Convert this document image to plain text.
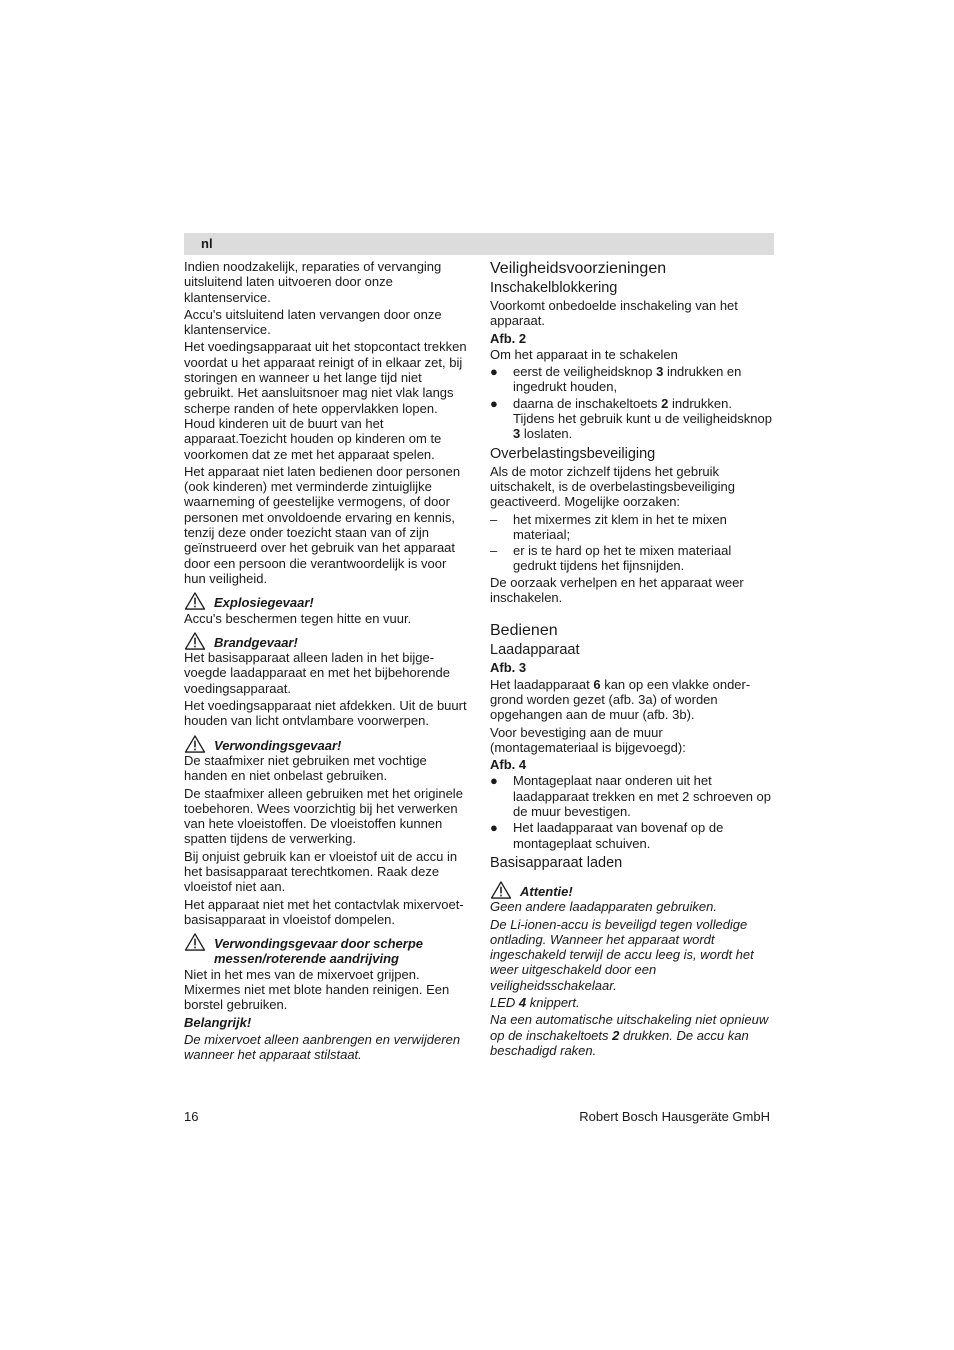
nl

Indien noodzakelijk, reparaties of vervanging uitsluitend laten uitvoeren door onze klantenservice.

Accu's uitsluitend laten vervangen door onze klantenservice.

Het voedingsapparaat uit het stopcontact trekken voordat u het apparaat reinigt of in elkaar zet, bij storingen en wanneer u het lange tijd niet gebruikt. Het aansluitsnoer mag niet vlak langs scherpe randen of hete oppervlakken lopen. Houd kinderen uit de buurt van het apparaat.Toezicht houden op kinderen om te voorkomen dat ze met het apparaat spelen.

Het apparaat niet laten bedienen door personen (ook kinderen) met verminderde zintuiglijke waarneming of geestelijke vermogens, of door personen met onvoldoende ervaring en kennis, tenzij deze onder toezicht staan van of zijn geïnstrueerd over het gebruik van het apparaat door een persoon die verantwoordelijk is voor hun veiligheid.

Explosiegevaar!

Accu's beschermen tegen hitte en vuur.

Brandgevaar!

Het basisapparaat alleen laden in het bijge-voegde laadapparaat en met het bijbehorende voedingsapparaat.

Het voedingsapparaat niet afdekken. Uit de buurt houden van licht ontvlambare voorwerpen.

Verwondingsgevaar!

De staafmixer niet gebruiken met vochtige handen en niet onbelast gebruiken.

De staafmixer alleen gebruiken met het originele toebehoren. Wees voorzichtig bij het verwerken van hete vloeistoffen. De vloeistoffen kunnen spatten tijdens de verwerking.

Bij onjuist gebruik kan er vloeistof uit de accu in het basisapparaat terechtkomen. Raak deze vloeistof niet aan.

Het apparaat niet met het contactvlak mixervoet-basisapparaat in vloeistof dompelen.

Verwondingsgevaar door scherpe messen/roterende aandrijving

Niet in het mes van de mixervoet grijpen. Mixermes niet met blote handen reinigen. Een borstel gebruiken.

Belangrijk!

De mixervoet alleen aanbrengen en verwijderen wanneer het apparaat stilstaat.

Veiligheidsvoorzieningen
Inschakelblokkering

Voorkomt onbedoelde inschakeling van het apparaat.

Afb. 2

Om het apparaat in te schakelen

●	eerst de veiligheidsknop 3 indrukken en ingedrukt houden,
●	daarna de inschakeltoets 2 indrukken. Tijdens het gebruik kunt u de veiligheidsknop 3 loslaten.
Overbelastingsbeveiliging

Als de motor zichzelf tijdens het gebruik uitschakelt, is de overbelastingsbeveiliging geactiveerd. Mogelijke oorzaken:

–	het mixermes zit klem in het te mixen materiaal;
–	er is te hard op het te mixen materiaal gedrukt tijdens het fijnsnijden.

De oorzaak verhelpen en het apparaat weer inschakelen.

Bedienen
Laadapparaat

Afb. 3

Het laadapparaat 6 kan op een vlakke onder-grond worden gezet (afb. 3a) of worden opgehangen aan de muur (afb. 3b).

Voor bevestiging aan de muur (montagemateriaal is bijgevoegd):

Afb. 4

●	Montageplaat naar onderen uit het laadapparaat trekken en met 2 schroeven op de muur bevestigen.
●	Het laadapparaat van bovenaf op de montageplaat schuiven.
Basisapparaat laden
Attentie!

Geen andere laadapparaten gebruiken.

De Li-ionen-accu is beveiligd tegen volledige ontlading. Wanneer het apparaat wordt ingeschakeld terwijl de accu leeg is, wordt het weer uitgeschakeld door een veiligheidsschakelaar.

LED 4 knippert.

Na een automatische uitschakeling niet opnieuw op de inschakeltoets 2 drukken. De accu kan beschadigd raken.

16	Robert Bosch Hausgeräte GmbH
